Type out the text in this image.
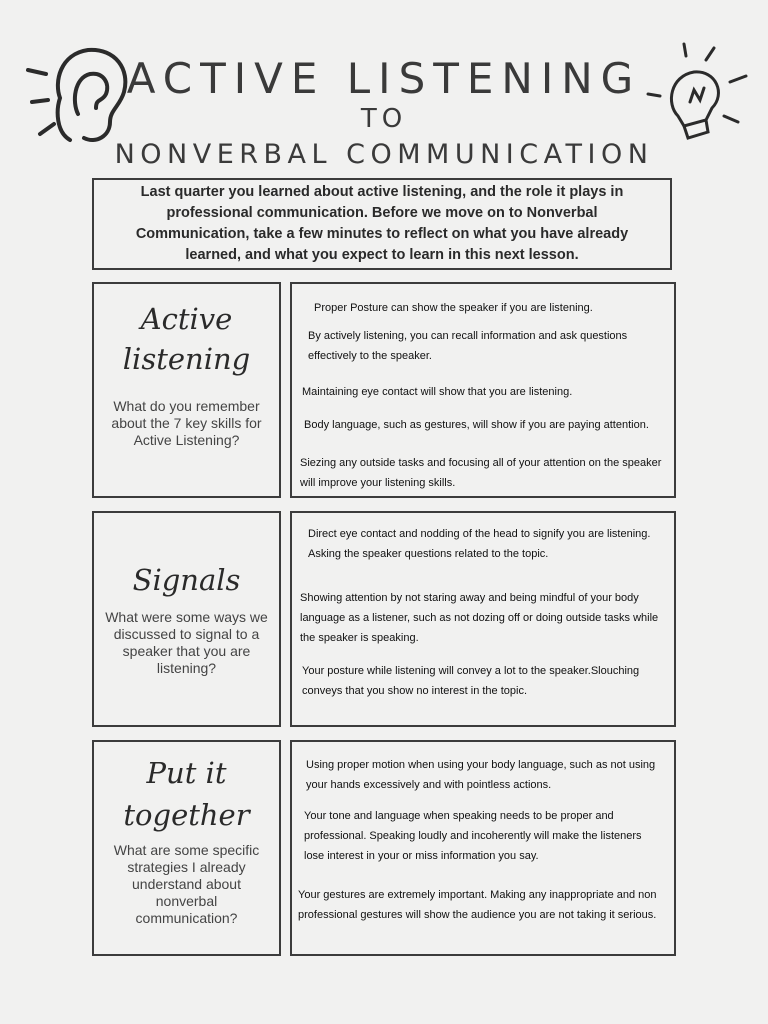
ACTIVE LISTENING
TO
NONVERBAL COMMUNICATION
Last quarter you learned about active listening, and the role it plays in professional communication. Before we move on to Nonverbal Communication, take a few minutes to reflect on what you have already learned, and what you expect to learn in this next lesson.
Active
listening
What do you remember about the 7 key skills for Active Listening?

Proper Posture can show the speaker if you are listening.

By actively listening, you can recall information and ask questions effectively to the speaker.

Maintaining eye contact will show that you are listening.

Body language, such as gestures, will show if you are paying attention.

Siezing any outside tasks and focusing all of your attention on the speaker will improve your listening skills.

Signals
What were some ways we discussed to signal to a speaker that you are listening?

Direct eye contact and nodding of the head to signify you are listening. Asking the speaker questions related to the topic.

Showing attention by not staring away and being mindful of your body language as a listener, such as not dozing off or doing outside tasks while the speaker is speaking.

Your posture while listening will convey a lot to the speaker.Slouching conveys that you show no interest in the topic.

Put it
together
What are some specific strategies I already understand about nonverbal communication?

Using proper motion when using your body language, such as not using your hands excessively and with pointless actions.

Your tone and language when speaking needs to be proper and professional. Speaking loudly and incoherently will make the listeners lose interest in your or miss information you say.

Your gestures are extremely important. Making any inappropriate and non professional gestures will show the audience you are not taking it serious.
